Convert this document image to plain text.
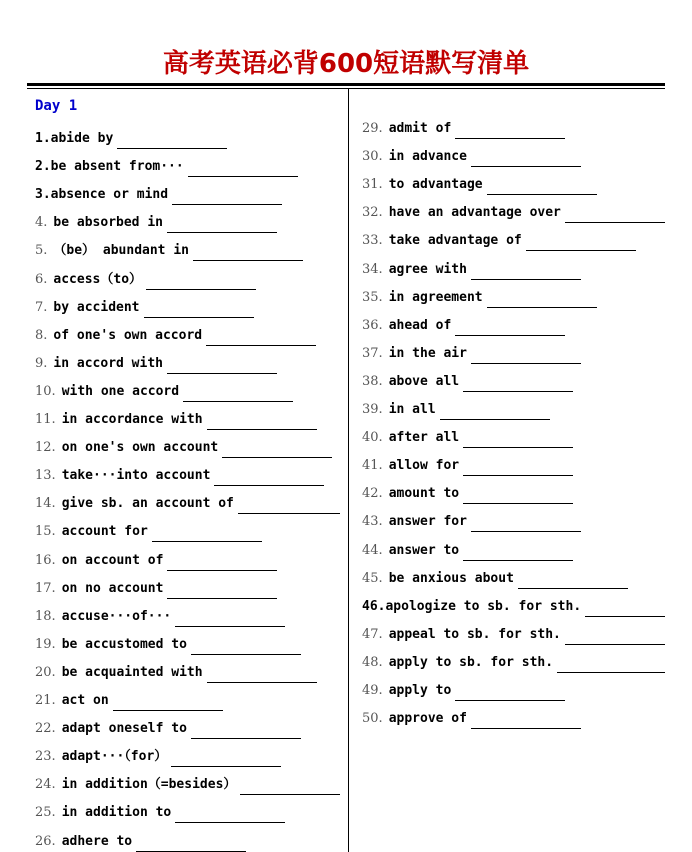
高考英语必背600短语默写清单
Day 1
1.abide by
2.be absent from···
3.absence or mind
4. be absorbed in
5. （be） abundant in
6. access（to）
7. by accident
8. of one's own accord
9. in accord with
10. with one accord
11. in accordance with
12. on one's own account
13. take···into account
14. give sb. an account of
15. account for
16. on account of
17. on no account
18. accuse···of···
19. be accustomed to
20. be acquainted with
21. act on
22. adapt oneself to
23. adapt···（for）
24. in addition（=besides）
25. in addition to
26. adhere to
29. admit of
30. in advance
31. to advantage
32. have an advantage over
33. take advantage of
34. agree with
35. in agreement
36. ahead of
37. in the air
38. above all
39. in all
40. after all
41. allow for
42. amount to
43. answer for
44. answer to
45. be anxious about
46.apologize to sb. for sth.
47. appeal to sb. for sth.
48. apply to sb. for sth.
49. apply to
50. approve of
